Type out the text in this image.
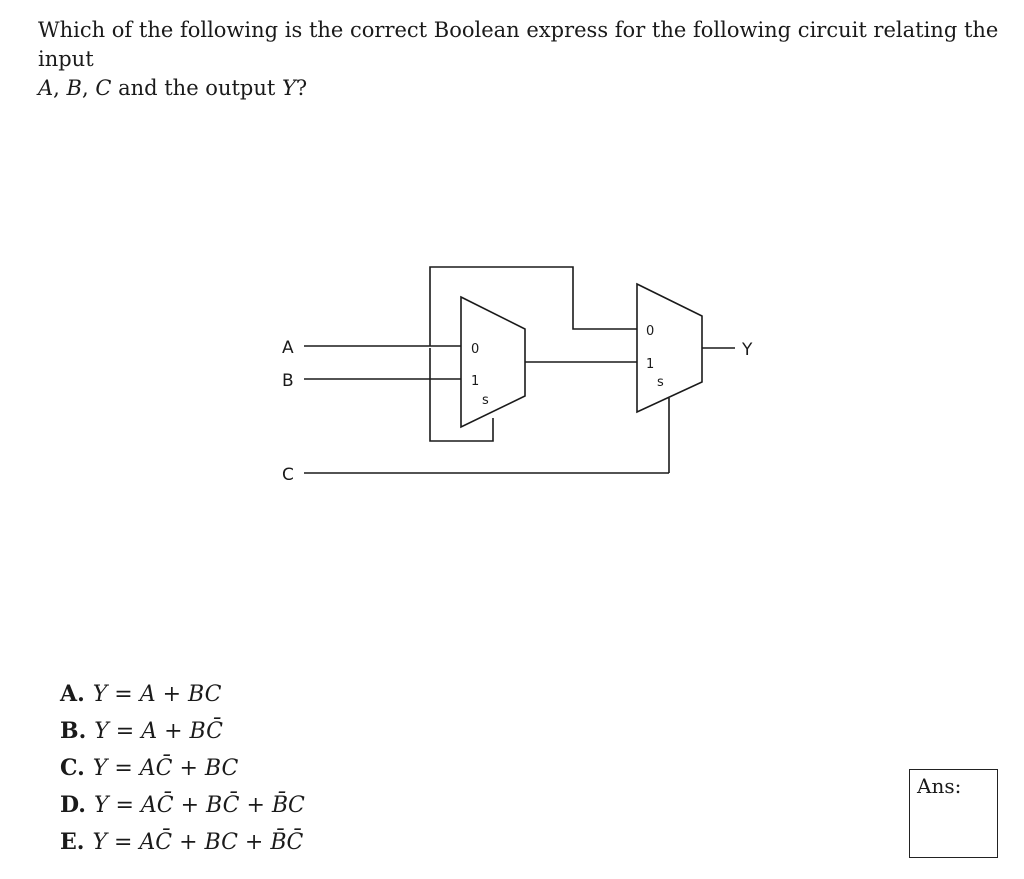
Which of the following is the correct Boolean express for the following circuit relating the input
A, B, C and the output Y?

A
B
C
Y
0
1
s
0
1
s
A. Y = A + BC
B. Y = A + BC̄
C. Y = AC̄ + BC
D. Y = AC̄ + BC̄ + B̄C
E. Y = AC̄ + BC + B̄C̄
Ans:
